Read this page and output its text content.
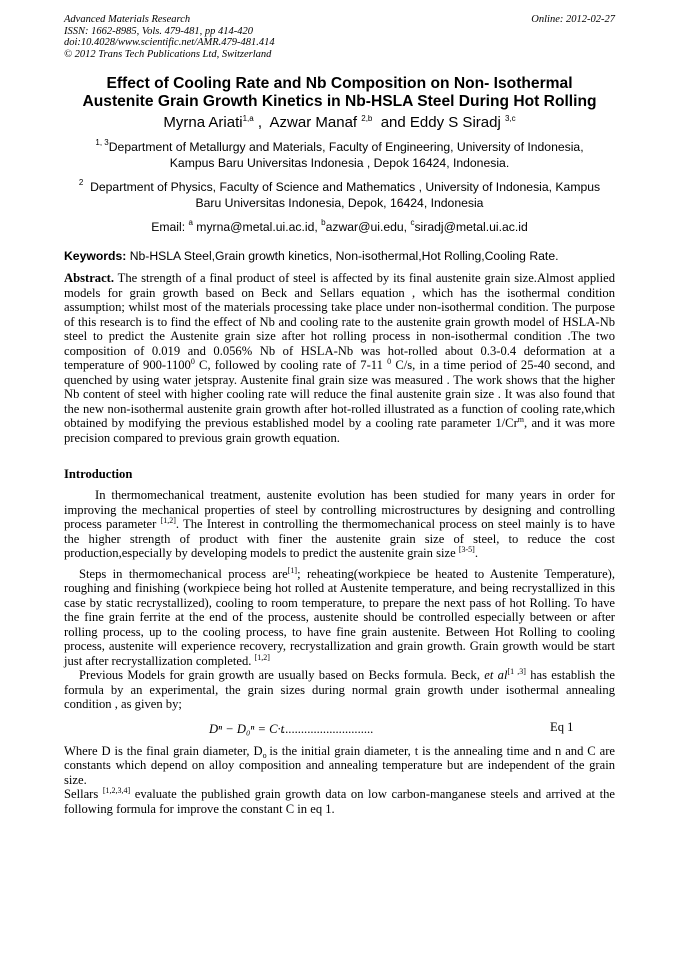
Advanced Materials Research
ISSN: 1662-8985, Vols. 479-481, pp 414-420
doi:10.4028/www.scientific.net/AMR.479-481.414
© 2012 Trans Tech Publications Ltd, Switzerland
Online: 2012-02-27
Effect of Cooling Rate and Nb Composition on Non- Isothermal
Austenite Grain Growth Kinetics in Nb-HSLA Steel During Hot Rolling
Myrna Ariati$^{1,a}$ ,  Azwar Manaf $^{2,b}$  and Eddy S Siradj $^{3,c}$
$^{1, 3}$Department of Metallurgy and Materials, Faculty of Engineering, University of Indonesia,
Kampus Baru Universitas Indonesia , Depok 16424, Indonesia.
$^2$  Department of Physics, Faculty of Science and Mathematics , University of Indonesia, Kampus
Baru Universitas Indonesia, Depok, 16424, Indonesia
Email: $^a$ myrna@metal.ui.ac.id, $^b$azwar@ui.edu, $^c$siradj@metal.ui.ac.id
Keywords: Nb-HSLA Steel,Grain growth kinetics, Non-isothermal,Hot Rolling,Cooling Rate.
Abstract. The strength of a final product of steel is affected by its final austenite grain size.Almost applied models for grain growth based on Beck and Sellars equation , which has the isothermal condition assumption; whilst most of the materials processing take place under non-isothermal condition. The purpose of this research is to find the effect of Nb and cooling rate to the austenite grain growth model of HSLA-Nb steel to predict the Austenite grain size after hot rolling process in non-isothermal condition .The two composition of 0.019 and 0.056% Nb of HSLA-Nb was hot-rolled about 0.3-0.4 deformation at a temperature of 900-1100$^0$ C, followed by cooling rate of 7-11 $^0$ C/s, in a time period of 25-40 second, and quenched by using water jetspray. Austenite final grain size was measured . The work shows that the higher Nb content of steel with higher cooling rate will reduce the final austenite grain size . It was also found that the new non-isothermal austenite grain growth after hot-rolled illustrated as a function of cooling rate,which obtained by modifying the previous established model by a cooling rate parameter 1/Cr$^m$, and it was more precision compared to previous grain growth equation.
Introduction
In thermomechanical treatment, austenite evolution has been studied for many years in order for improving the mechanical properties of steel by controlling microstructures by designing and controlling process parameter [1,2]. The Interest in controlling the thermomechanical process on steel mainly is to have the higher strength of product with finer the austenite grain size of steel, to reduce the cost production,especially by developing models to predict the austenite grain size [3-5].
Steps in thermomechanical process are[1]; reheating(workpiece be heated to Austenite Temperature), roughing and finishing (workpiece being hot rolled at Austenite temperature, and being recrystallized in this case by static recrystallized), cooling to room temperature, to prepare the next pass of hot Rolling. To have the fine grain ferrite at the end of the process, austenite should be controlled especially between or after rolling process, up to the cooling process, to have fine grain austenite. Between Hot Rolling to cooling process, austenite will experience recovery, recrystallization and grain growth. Grain growth would be start just after recrystallization completed. [1,2]
Previous Models for grain growth are usually based on Becks formula. Beck, et al[1 ,3] has establish the formula by an experimental, the grain sizes during normal grain growth under isothermal annealing condition , as given by;
Dⁿ − D₀ⁿ = C·t
.............................	Eq 1
Where D is the final grain diameter, $D_o$ is the initial grain diameter, t is the annealing time and n and C are constants which depend on alloy composition and annealing temperature but are independent of the grain size.
Sellars [1,2,3,4] evaluate the published grain growth data on low carbon-manganese steels and arrived at the following formula for improve the constant C in eq 1.
